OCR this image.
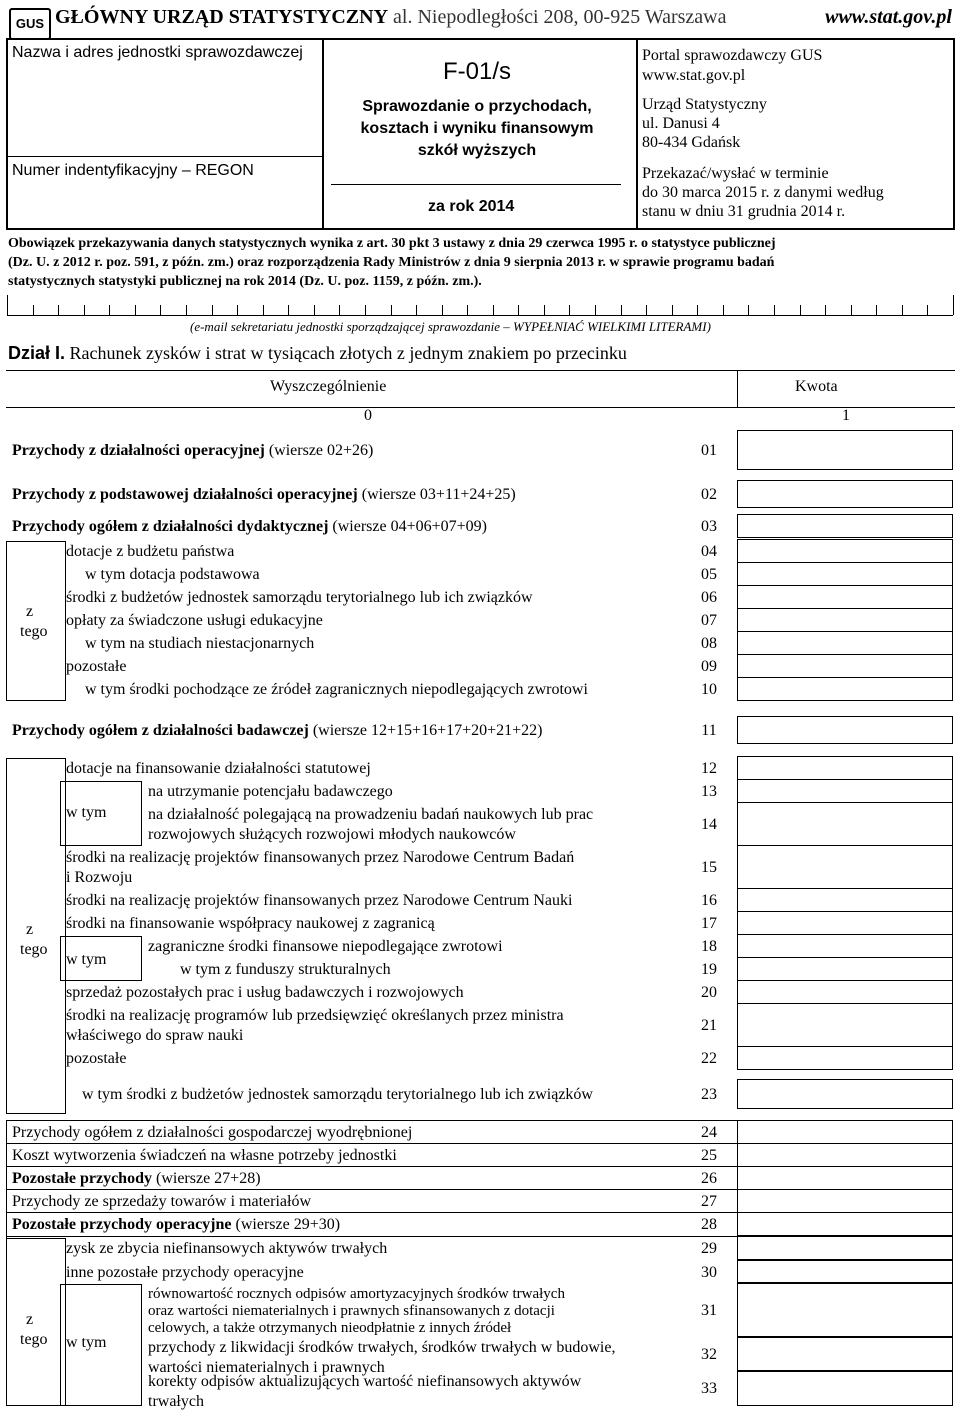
GUS GŁÓWNY URZĄD STATYSTYCZNY al. Niepodległości 208, 00-925 Warszawa	www.stat.gov.pl
Nazwa i adres jednostki sprawozdawczej
Numer indentyfikacyjny – REGON
F-01/s
Sprawozdanie o przychodach,
kosztach i wyniku finansowym
szkół wyższych
za rok 2014
Portal sprawozdawczy GUS
www.stat.gov.pl
Urząd Statystyczny
ul. Danusi 4
80-434 Gdańsk
Przekazać/wysłać w terminie
do 30 marca 2015 r. z danymi według
stanu w dniu 31 grudnia 2014 r.
Obowiązek przekazywania danych statystycznych wynika z art. 30 pkt 3 ustawy z dnia 29 czerwca 1995 r. o statystyce publicznej
(Dz. U. z 2012 r. poz. 591, z późn. zm.) oraz rozporządzenia Rady Ministrów z dnia 9 sierpnia 2013 r. w sprawie programu badań
statystycznych statystyki publicznej na rok 2014 (Dz. U. poz. 1159, z późn. zm.).
(e-mail sekretariatu jednostki sporządzającej sprawozdanie – WYPEŁNIAĆ WIELKIMI LITERAMI)
Dział I. Rachunek zysków i strat w tysiącach złotych z jednym znakiem po przecinku
Wyszczególnienie	Kwota
0	1
Przychody z działalności operacyjnej (wiersze 02+26)	01
Przychody z podstawowej działalności operacyjnej (wiersze 03+11+24+25)	02
Przychody ogółem z działalności dydaktycznej (wiersze 04+06+07+09)	03
dotacje z budżetu państwa	04
w tym dotacja podstawowa	05
środki z budżetów jednostek samorządu terytorialnego lub ich związków	06
opłaty za świadczone usługi edukacyjne	07
w tym na studiach niestacjonarnych	08
pozostałe	09
w tym środki pochodzące ze źródeł zagranicznych niepodlegających zwrotowi	10
Przychody ogółem z działalności badawczej (wiersze 12+15+16+17+20+21+22)	11
dotacje na finansowanie działalności statutowej	12
na utrzymanie potencjału badawczego	13
na działalność polegającą na prowadzeniu badań naukowych lub prac
rozwojowych służących rozwojowi młodych naukowców
14
środki na realizację projektów finansowanych przez Narodowe Centrum Badań
i Rozwoju
15
środki na realizację projektów finansowanych przez Narodowe Centrum Nauki	16
środki na finansowanie współpracy naukowej z zagranicą	17
zagraniczne środki finansowe niepodlegające zwrotowi	18
w tym z funduszy strukturalnych	19
sprzedaż pozostałych prac i usług badawczych i rozwojowych	20
środki na realizację programów lub przedsięwzięć określanych przez ministra
właściwego do spraw nauki
21
pozostałe	22
w tym środki z budżetów jednostek samorządu terytorialnego lub ich związków	23
Przychody ogółem z działalności gospodarczej wyodrębnionej	24
Koszt wytworzenia świadczeń na własne potrzeby jednostki	25
Pozostałe przychody (wiersze 27+28)	26
Przychody ze sprzedaży towarów i materiałów	27
Pozostałe przychody operacyjne (wiersze 29+30)	28
zysk ze zbycia niefinansowych aktywów trwałych	29
inne pozostałe przychody operacyjne	30
równowartość rocznych odpisów amortyzacyjnych środków trwałych
oraz wartości niematerialnych i prawnych sfinansowanych z dotacji
celowych, a także otrzymanych nieodpłatnie z innych źródeł
31
przychody z likwidacji środków trwałych, środków trwałych w budowie,
wartości niematerialnych i prawnych
32
korekty odpisów aktualizujących wartość niefinansowych aktywów
trwałych
33
z
tego
z
tego
z
tego
w tym
w tym
w tym
